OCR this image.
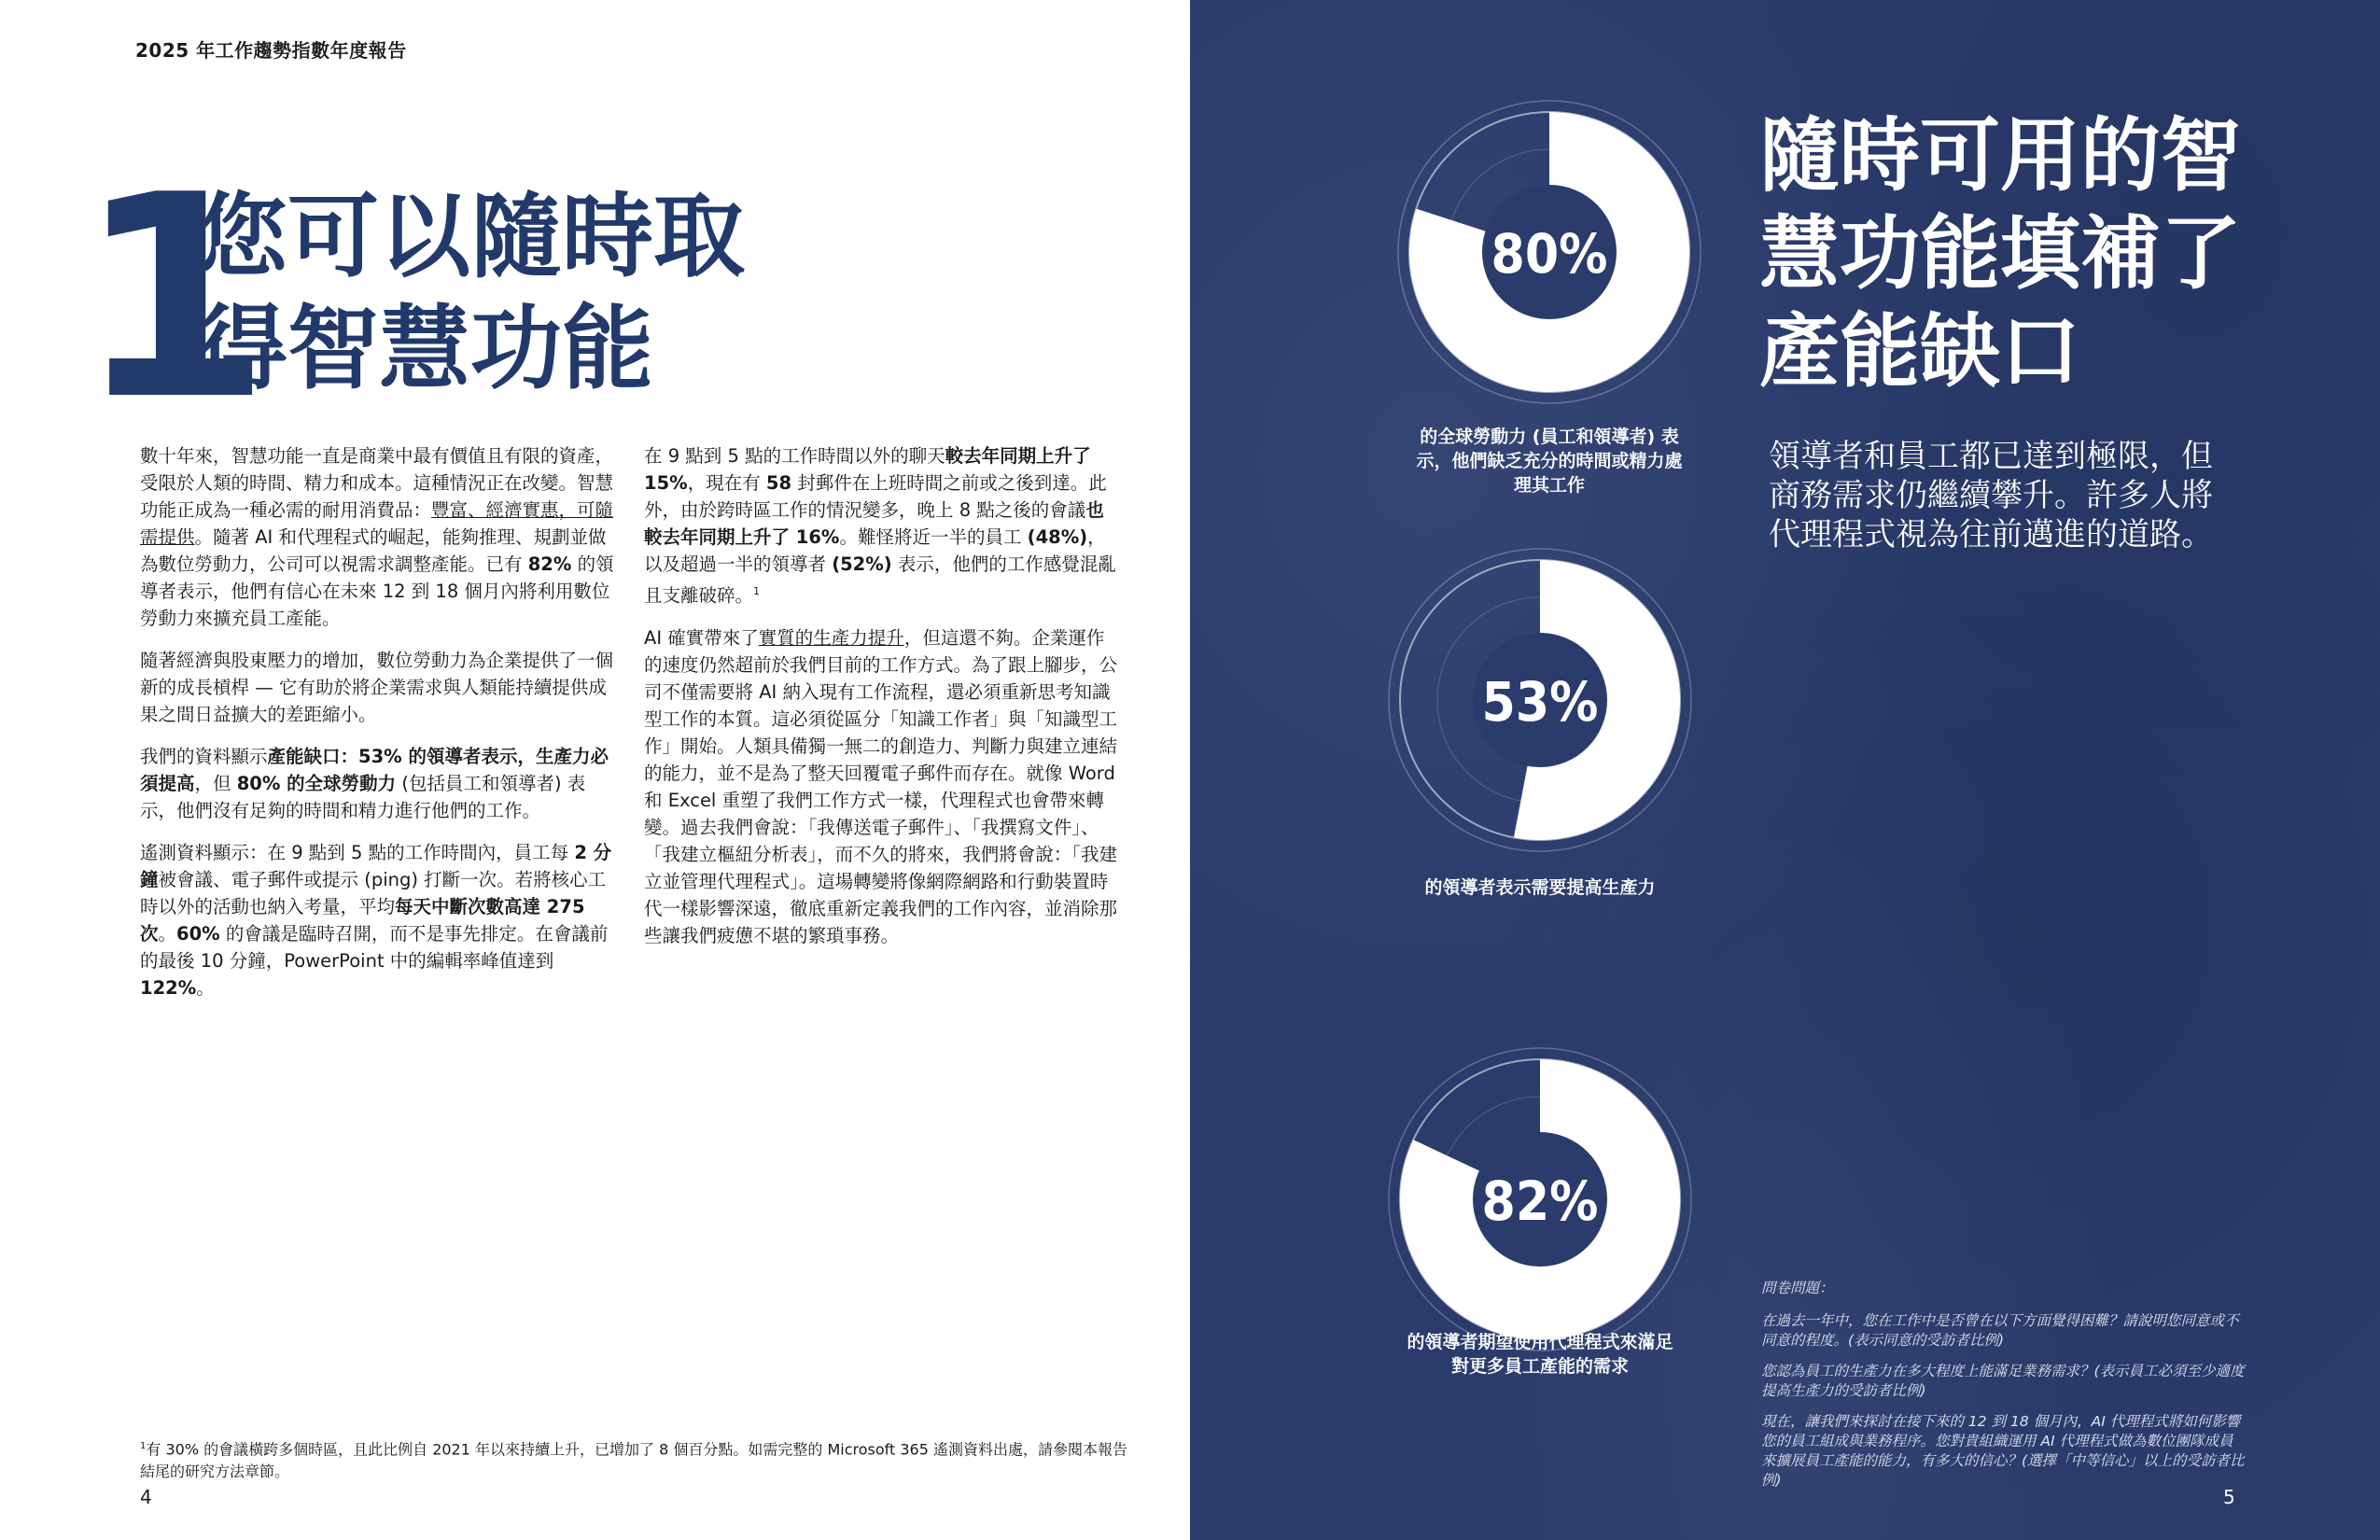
2025 年工作趨勢指數年度報告
1
您可以隨時取
得智慧功能

數十年來，智慧功能一直是商業中最有價值且有限的資產，受限於人類的時間、精力和成本。這種情況正在改變。智慧功能正成為一種必需的耐用消費品：豐富、經濟實惠，可隨需提供。隨著 AI 和代理程式的崛起，能夠推理、規劃並做為數位勞動力，公司可以視需求調整產能。已有 82% 的領導者表示，他們有信心在未來 12 到 18 個月內將利用數位勞動力來擴充員工產能。

隨著經濟與股東壓力的增加，數位勞動力為企業提供了一個新的成長槓桿 — 它有助於將企業需求與人類能持續提供成果之間日益擴大的差距縮小。

我們的資料顯示產能缺口：53% 的領導者表示，生產力必須提高，但 80% 的全球勞動力 (包括員工和領導者) 表示，他們沒有足夠的時間和精力進行他們的工作。

遙測資料顯示：在 9 點到 5 點的工作時間內，員工每 2 分鐘被會議、電子郵件或提示 (ping) 打斷一次。若將核心工時以外的活動也納入考量，平均每天中斷次數高達 275 次。60% 的會議是臨時召開，而不是事先排定。在會議前的最後 10 分鐘，PowerPoint 中的編輯率峰值達到 122%。

在 9 點到 5 點的工作時間以外的聊天較去年同期上升了 15%，現在有 58 封郵件在上班時間之前或之後到達。此外，由於跨時區工作的情況變多，晚上 8 點之後的會議也較去年同期上升了 16%。難怪將近一半的員工 (48%)，以及超過一半的領導者 (52%) 表示，他們的工作感覺混亂且支離破碎。$^1$

AI 確實帶來了實質的生產力提升，但這還不夠。企業運作的速度仍然超前於我們目前的工作方式。為了跟上腳步，公司不僅需要將 AI 納入現有工作流程，還必須重新思考知識型工作的本質。這必須從區分「知識工作者」與「知識型工作」開始。人類具備獨一無二的創造力、判斷力與建立連結的能力，並不是為了整天回覆電子郵件而存在。就像 Word 和 Excel 重塑了我們工作方式一樣，代理程式也會帶來轉變。過去我們會說：「我傳送電子郵件」、「我撰寫文件」、「我建立樞紐分析表」，而不久的將來，我們將會說：「我建立並管理代理程式」。這場轉變將像網際網路和行動裝置時代一樣影響深遠，徹底重新定義我們的工作內容，並消除那些讓我們疲憊不堪的繁瑣事務。

$^1$有 30% 的會議橫跨多個時區，且此比例自 2021 年以來持續上升，已增加了 8 個百分點。如需完整的 Microsoft 365 遙測資料出處，請參閱本報告結尾的研究方法章節。
4
80%
53%
82%
的全球勞動力 (員工和領導者) 表示，他們缺乏充分的時間或精力處理其工作
的領導者表示需要提高生產力
的領導者期望使用代理程式來滿足對更多員工產能的需求
隨時可用的智
慧功能填補了
產能缺口
領導者和員工都已達到極限，但商務需求仍繼續攀升。許多人將代理程式視為往前邁進的道路。

問卷問題：

在過去一年中，您在工作中是否曾在以下方面覺得困難？請說明您同意或不同意的程度。(表示同意的受訪者比例)

您認為員工的生產力在多大程度上能滿足業務需求？(表示員工必須至少適度提高生產力的受訪者比例)

現在，讓我們來探討在接下來的 12 到 18 個月內，AI 代理程式將如何影響您的員工組成與業務程序。您對貴組織運用 AI 代理程式做為數位團隊成員來擴展員工產能的能力，有多大的信心？(選擇「中等信心」以上的受訪者比例)

5
